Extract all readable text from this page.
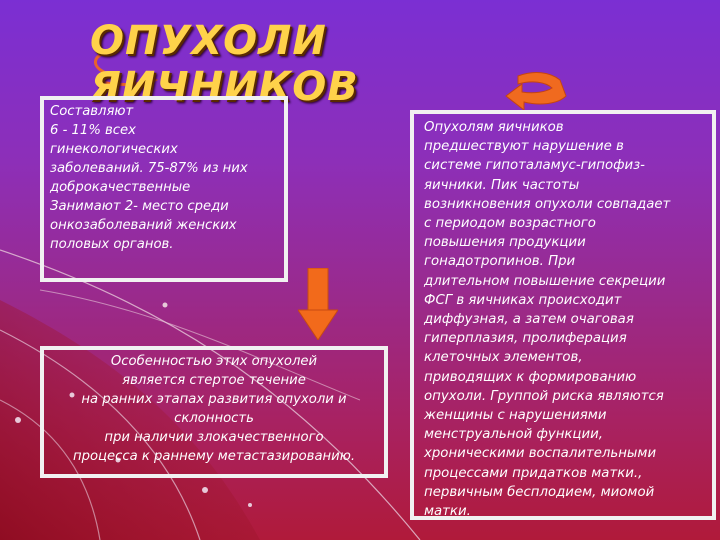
ОПУХОЛИ ЯИЧНИКОВ
Составляют
6 - 11% всех
гинекологических
заболеваний. 75-87% из них
доброкачественные
Занимают 2- место среди
онкозаболеваний женских
половых органов.
Особенностью этих опухолей
является стертое течение
на ранних этапах развития опухоли и
склонность
при наличии злокачественного
процесса к раннему метастазированию.
Опухолям яичников
предшествуют нарушение в
системе гипоталамус-гипофиз-
яичники. Пик частоты
возникновения опухоли совпадает
с периодом возрастного
повышения продукции
гонадотропинов. При
длительном повышение секреции
ФСГ в яичниках происходит
диффузная, а затем очаговая
гиперплазия, пролиферация
клеточных элементов,
приводящих к формированию
опухоли. Группой риска являются
женщины с нарушениями
менструальной функции,
хроническими воспалительными
процессами придатков матки.,
первичным бесплодием, миомой
матки.
